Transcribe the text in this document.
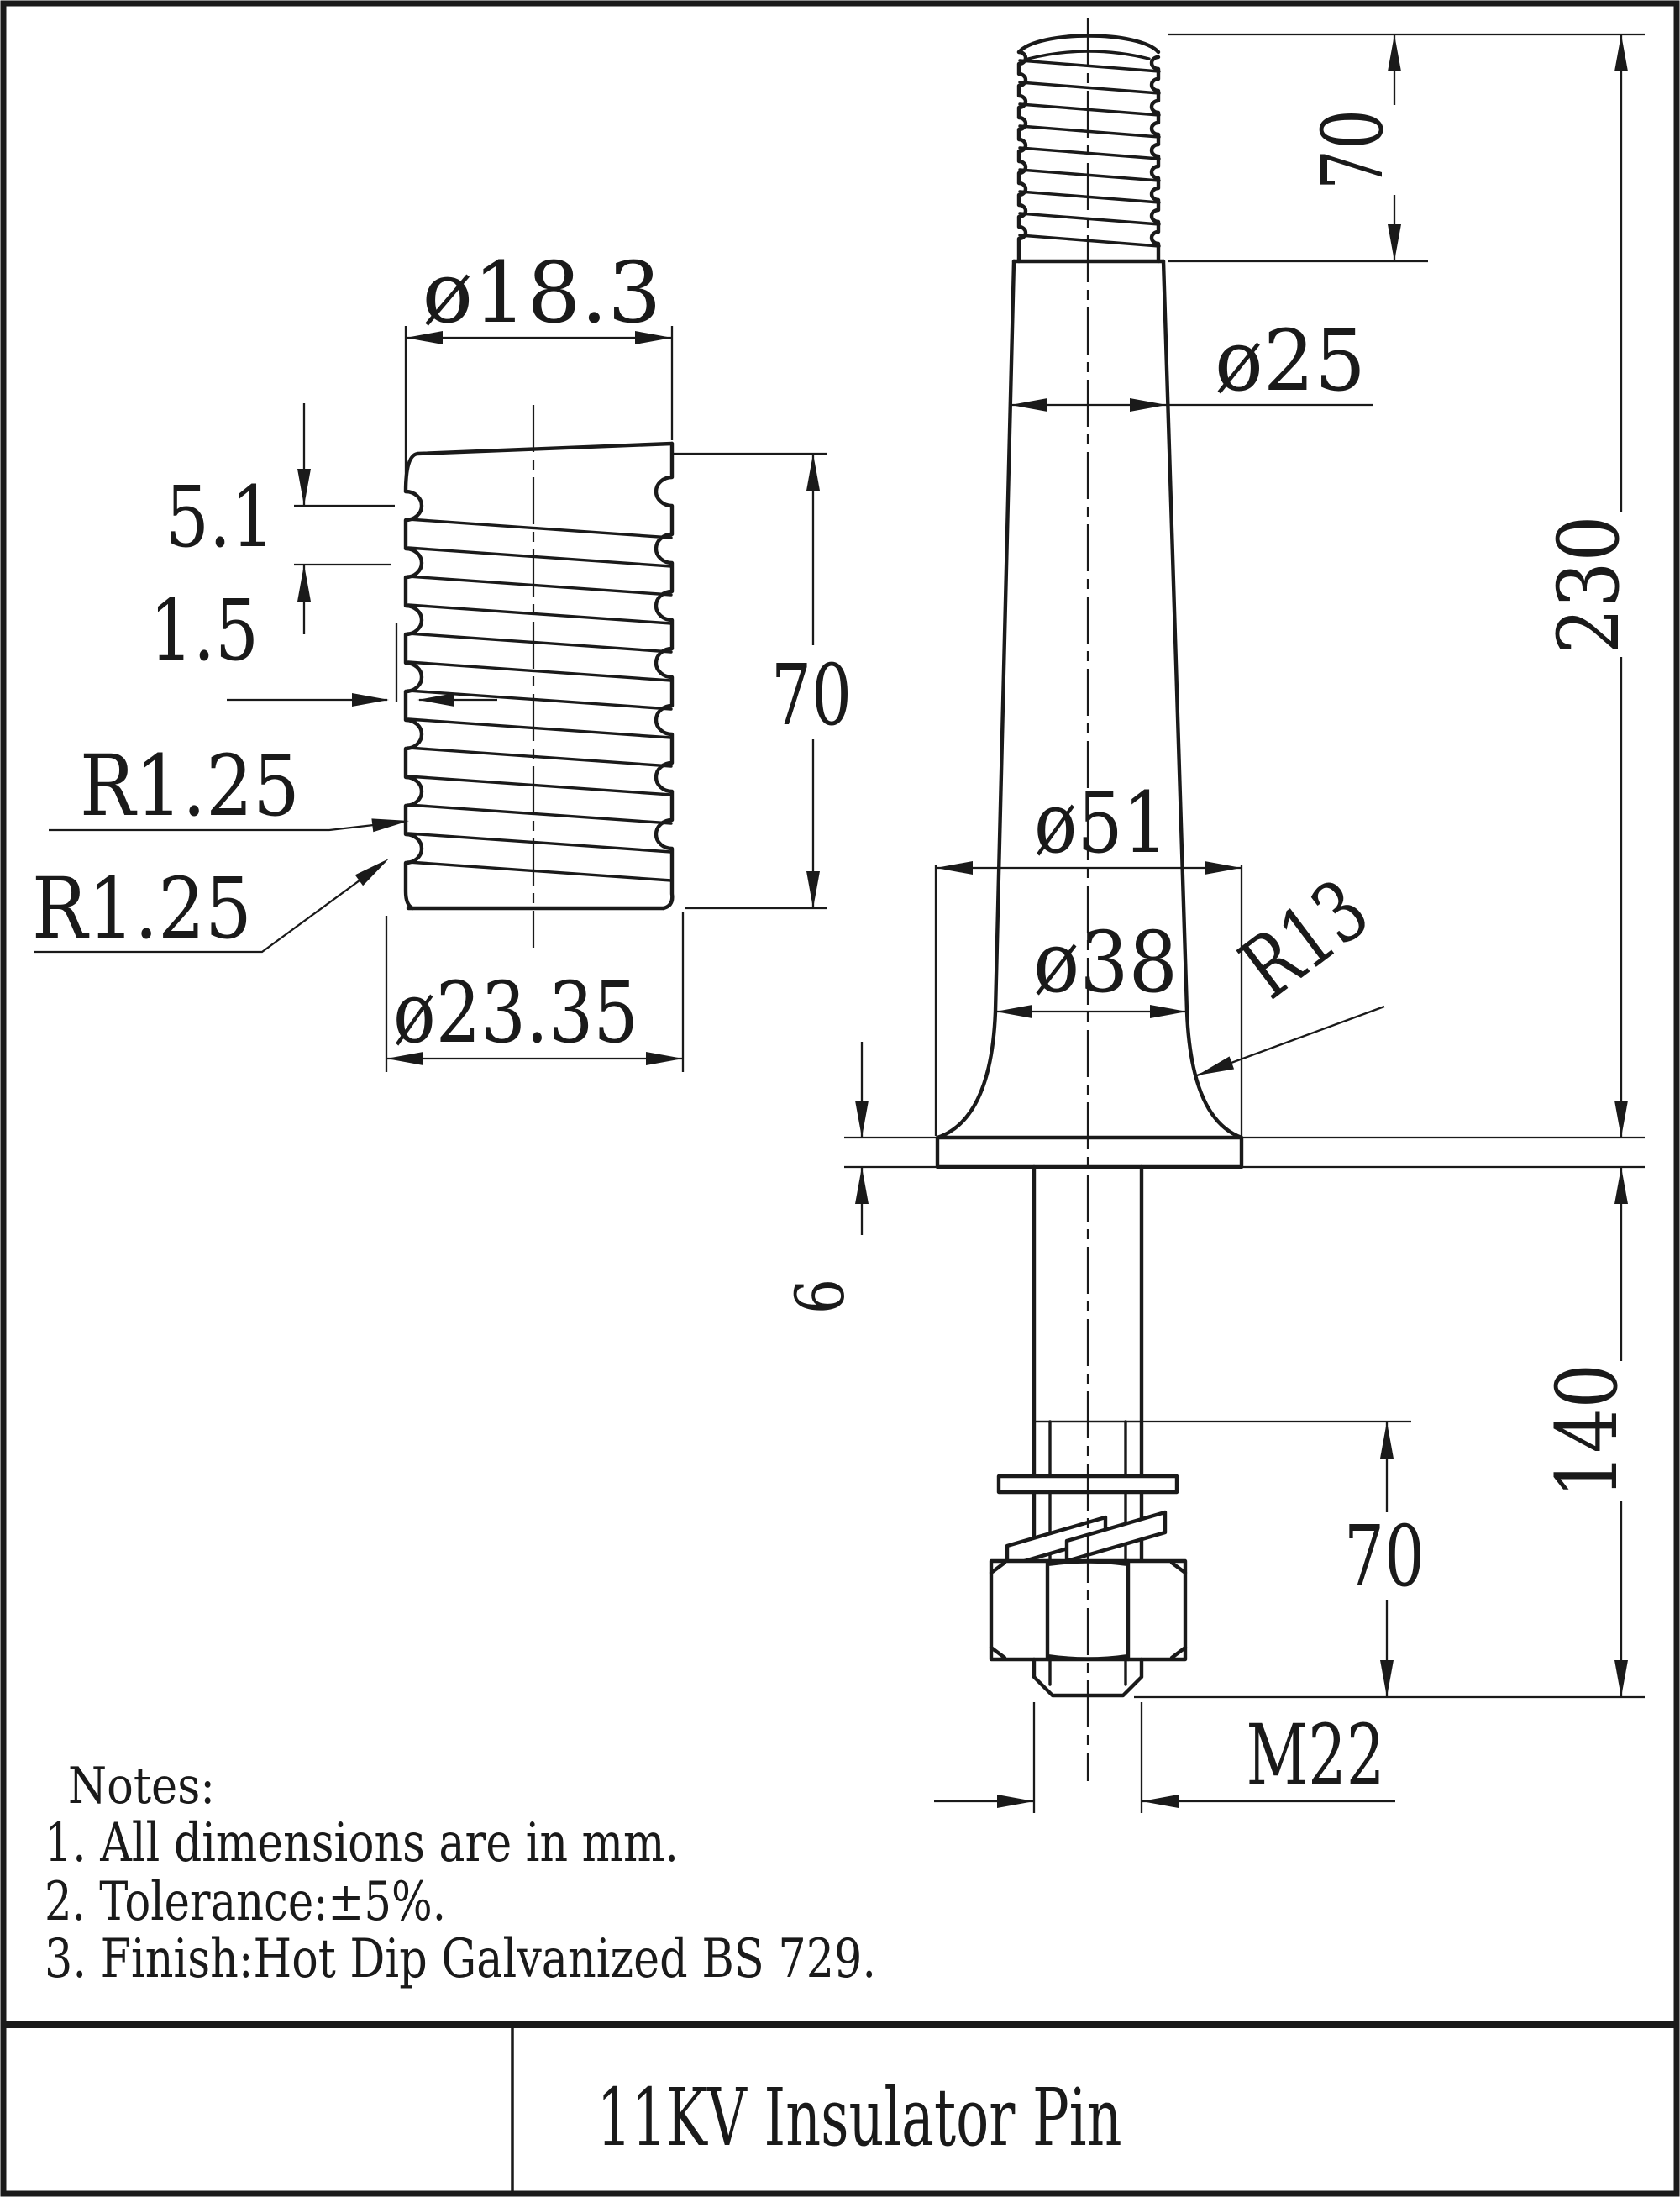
ø18.3
5.1
1.5
R1.25
R1.25
ø23.35
70
70
ø25
230
ø51
ø38 R13
6
140
70
M22
Notes:
1. All dimensions are in mm.
2. Tolerance:±5%.
3. Finish:Hot Dip Galvanized BS 729.
11KV Insulator Pin
